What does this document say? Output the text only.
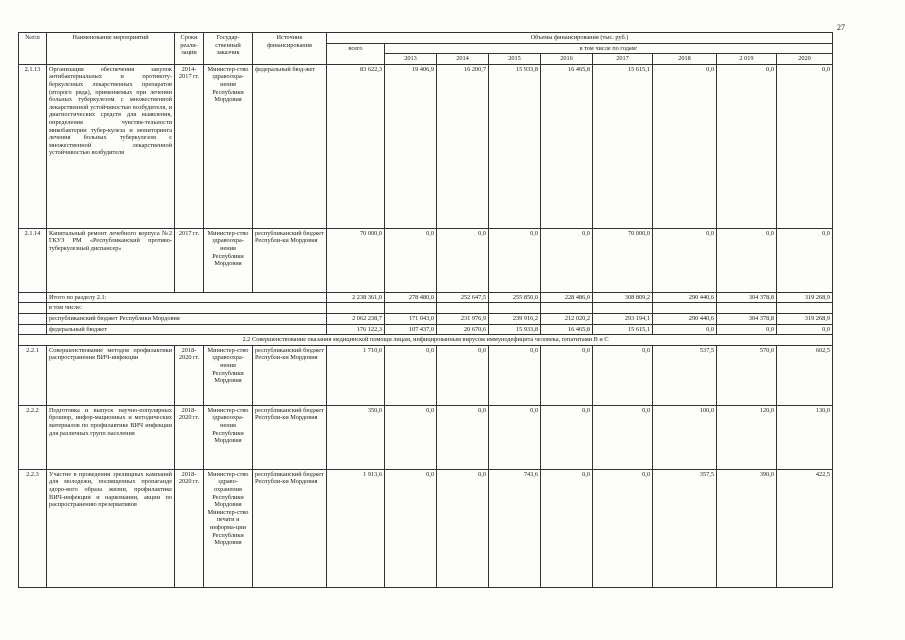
27
№п\п	Наименование мероприятий	Сроки реали-зации	Государ-ственный заказчик	Источник финансирования	Объемы финансирования (тыс. руб.)								
					всего	в том числе по годам:							
						2013	2014	2015	2016	2017	2018	2 019	2020
2.1.13	Организация обеспечения закупок антибактериальных и противоту-беркулезных лекарственных препаратов (второго ряда), применяемых при лечении больных туберкулезом с множественной лекарственной устойчивостью возбудителя, и диагностических средств для выявления, определения чувстви-тельности микобактерии тубер-кулеза и мониторинга лечения больных туберкулезом с множественной лекарственной устойчивостью возбудителя	2014-2017 гг.	Министер-ство здравоохра-нения Республики Мордовия	федеральный бюд-жет	83 622,3	19 406,9	16 200,7	15 933,8	16 465,8	15 615,1	0,0	0,0	0,0
2.1.14	Капитальный ремонт лечебного корпуса №2 ГКУЗ РМ «Республиканский противо-туберкулезный диспансер»	2017 гг.	Министер-ство здравоохра-нения Республики Мордовия	республиканский бюджет Республи-ки Мордовия	70 000,0	0,0	0,0	0,0	0,0	70 000,0	0,0	0,0	0,0
	Итого по разделу 2.1:				2 238 361,0	278 480,0	252 647,5	255 850,0	228 486,0	308 809,2	290 440,6	304 378,8	319 268,9
	в том числе:												
	республиканский бюджет Республики Мордовия				2 062 238,7	171 043,0	231 976,9	239 916,2	212 020,2	293 194,1	290 440,6	304 378,8	319 268,9
	федеральный бюджет				176 122,3	107 437,0	20 670,6	15 933,8	16 465,8	15 615,1	0,0	0,0	0,0
2.2 Совершенствование оказания медицинской помощи лицам, инфицированным вирусом иммунодефицита человека, гепатитами В и С													
2.2.1	Совершенствование методов профилактики распространения ВИЧ-инфекции	2018-2020 гг.	Министер-ство здравоохра-нения Республики Мордовия	республиканский бюджет Республи-ки Мордовия	1 710,0	0,0	0,0	0,0	0,0	0,0	537,5	570,0	602,5
2.2.2	Подготовка и выпуск научно-популярных брошюр, инфор-мационных и методических материалов по профилактике ВИЧ инфекции для различных групп населения	2018-2020 гг.	Министер-ство здравоохра-нения Республики Мордовия	республиканский бюджет Республи-ки Мордовия	350,0	0,0	0,0	0,0	0,0	0,0	100,0	120,0	130,0
2.2.3	Участие в проведении зрелищных кампаний для молодежи, посвященных пропаганде здоро-вого образа жизни, профилактике ВИЧ-инфекции и наркомании, акции по распространению презервативов	2018-2020 гг.	Министер-ство здраво-охранения Республики Мордовия Министер-ство печати и информа-ции Республики Мордовия	республиканский бюджет Республи-ки Мордовия	1 913,6	0,0	0,0	743,6	0,0	0,0	357,5	390,0	422,5
